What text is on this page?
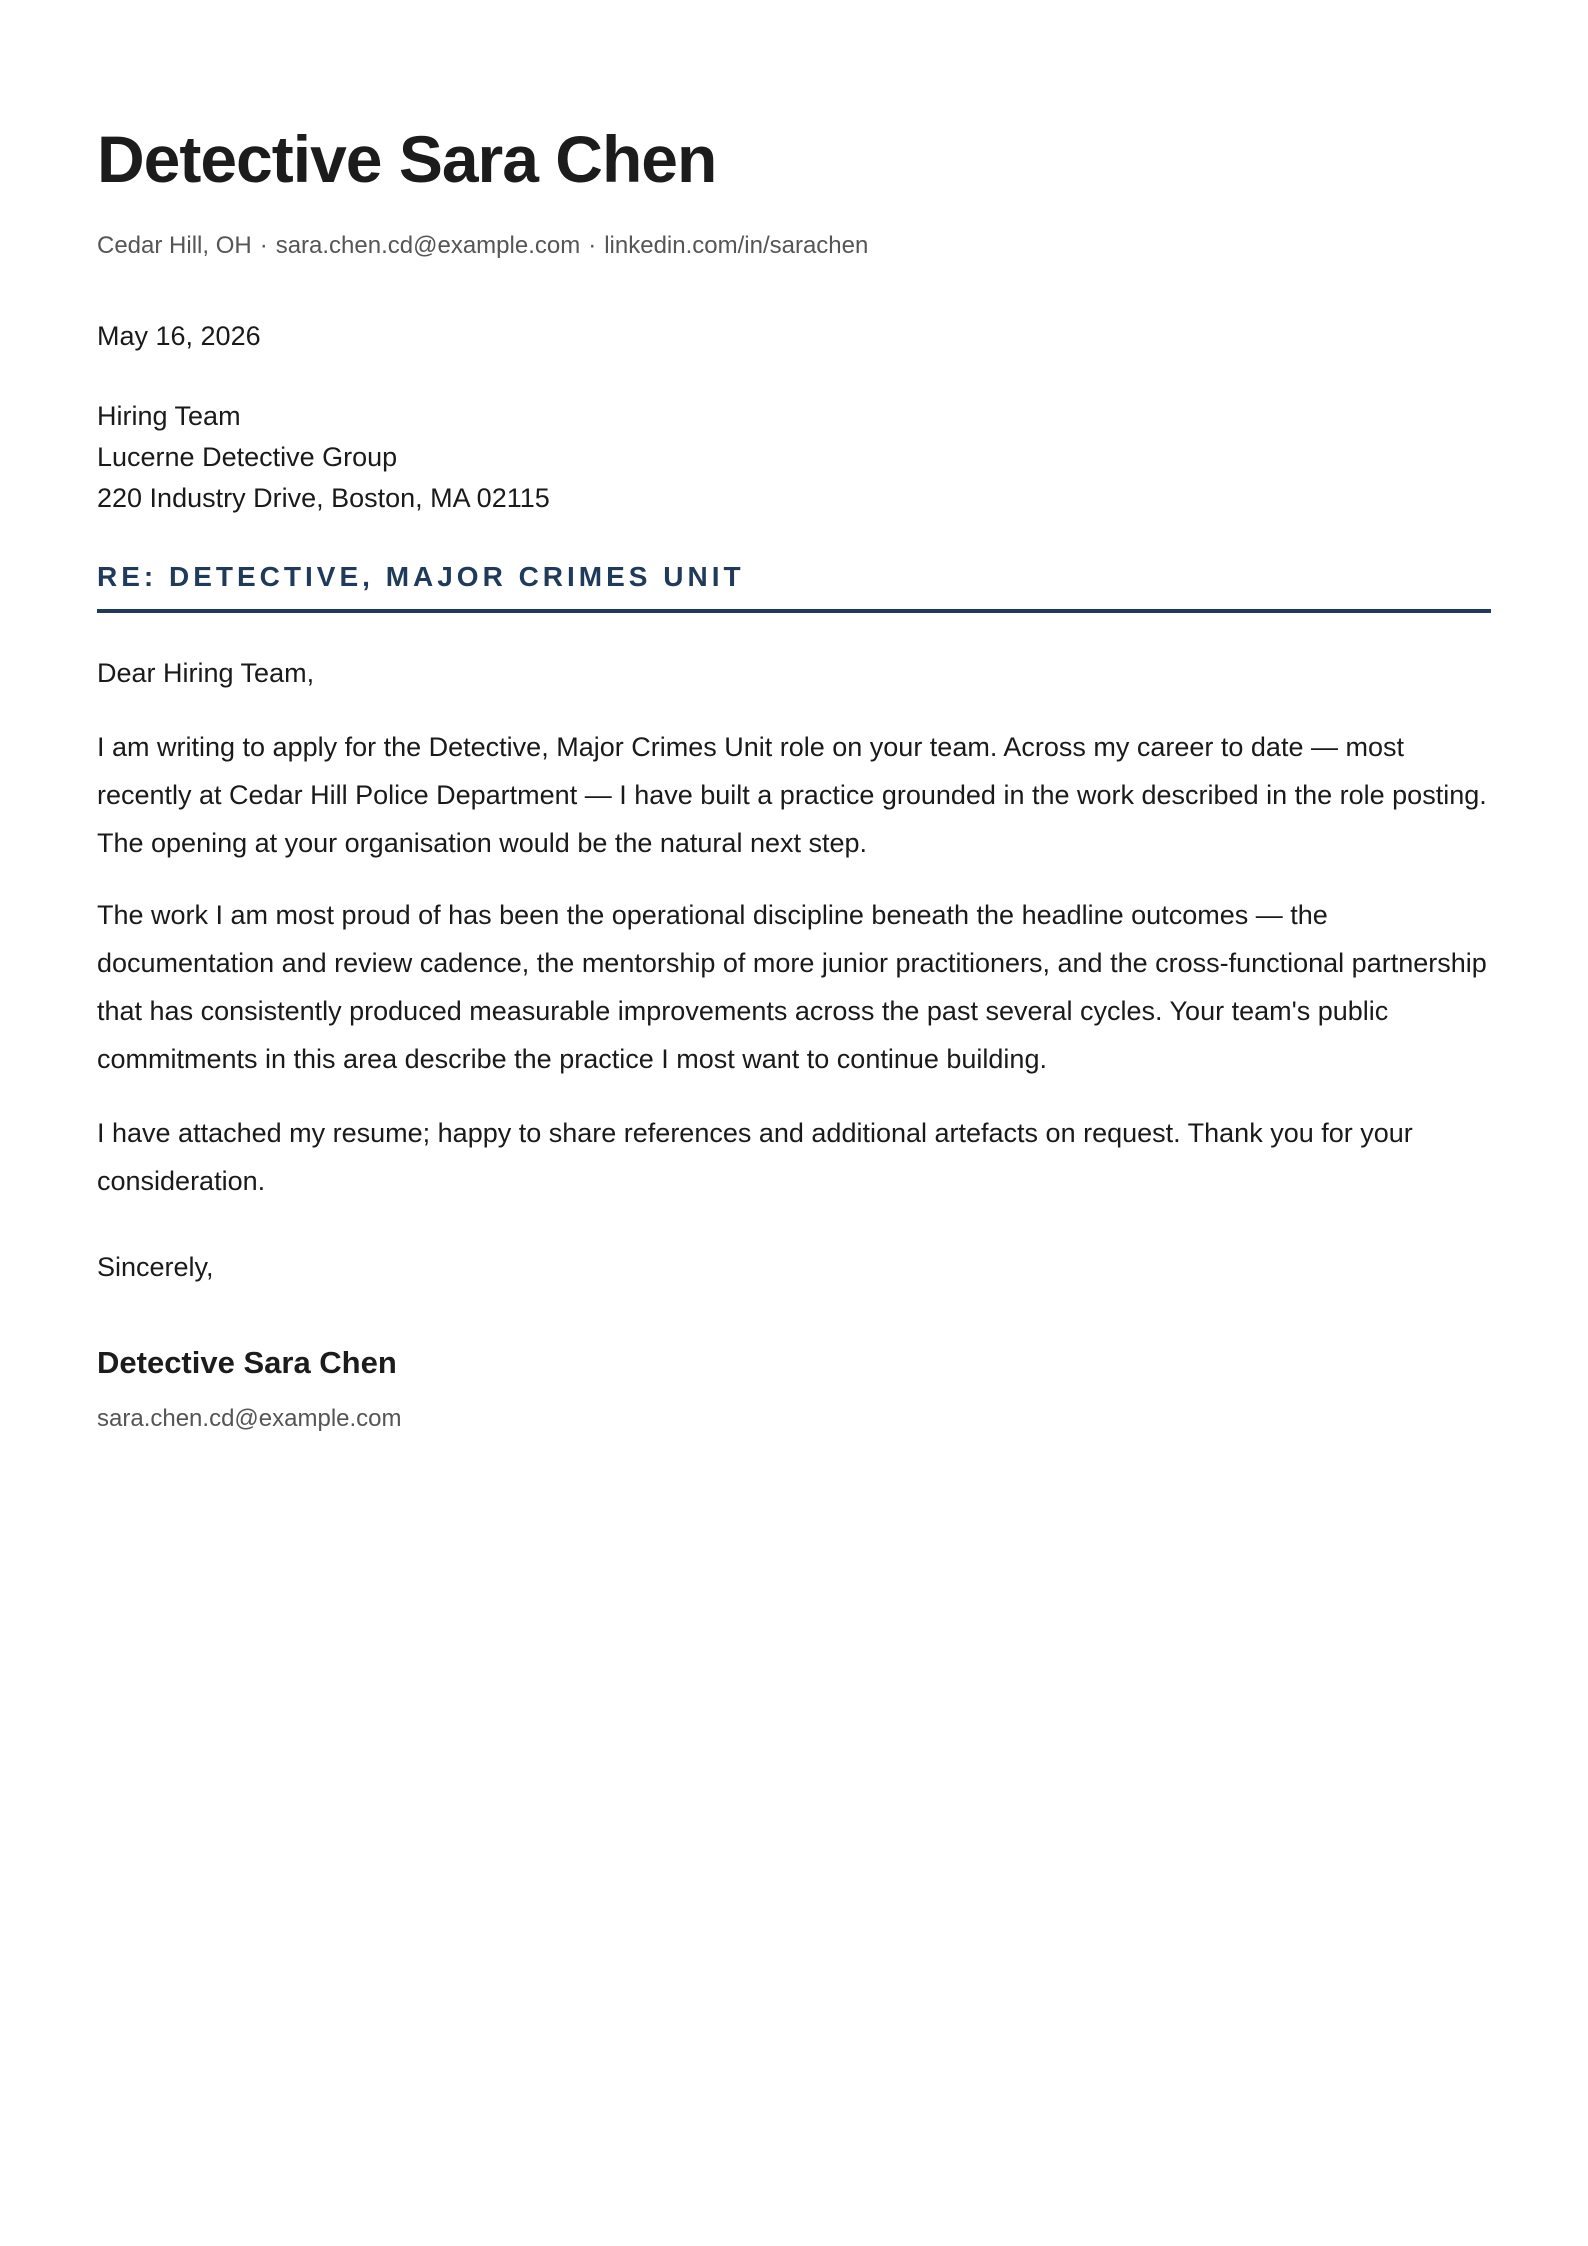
Detective Sara Chen
Cedar Hill, OH · sara.chen.cd@example.com · linkedin.com/in/sarachen
May 16, 2026
Hiring Team
Lucerne Detective Group
220 Industry Drive, Boston, MA 02115
RE: DETECTIVE, MAJOR CRIMES UNIT
Dear Hiring Team,

I am writing to apply for the Detective, Major Crimes Unit role on your team. Across my career to date — most recently at Cedar Hill Police Department — I have built a practice grounded in the work described in the role posting. The opening at your organisation would be the natural next step.

The work I am most proud of has been the operational discipline beneath the headline outcomes — the documentation and review cadence, the mentorship of more junior practitioners, and the cross-functional partnership that has consistently produced measurable improvements across the past several cycles. Your team's public commitments in this area describe the practice I most want to continue building.

I have attached my resume; happy to share references and additional artefacts on request. Thank you for your consideration.

Sincerely,
Detective Sara Chen
sara.chen.cd@example.com
